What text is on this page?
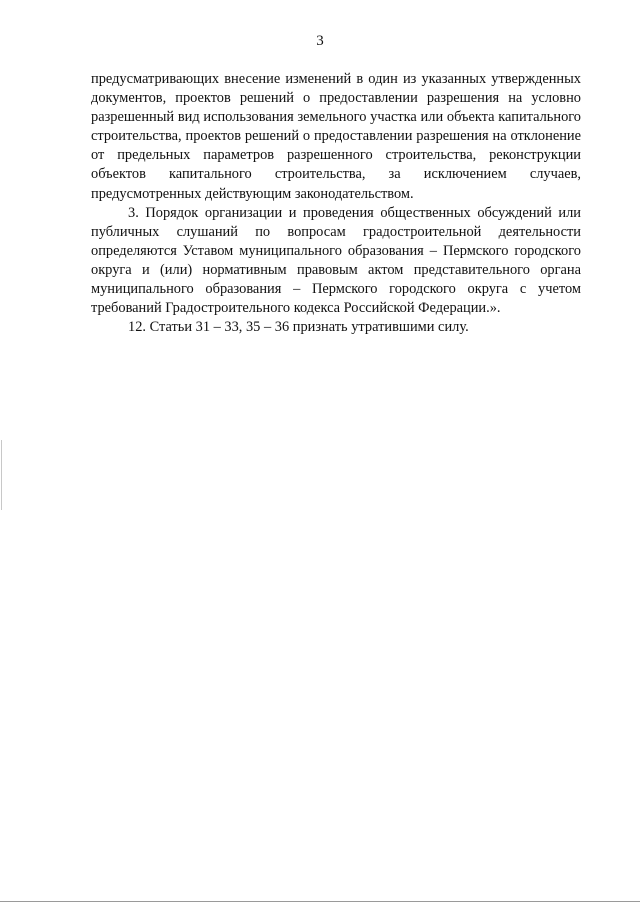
3

предусматривающих внесение изменений в один из указанных утвержденных документов, проектов решений о предоставлении разрешения на условно разрешенный вид использования земельного участка или объекта капитального строительства, проектов решений о предоставлении разрешения на отклонение от предельных параметров разрешенного строительства, реконструкции объектов капитального строительства, за исключением случаев, предусмотренных действующим законодательством.

3. Порядок организации и проведения общественных обсуждений или публичных слушаний по вопросам градостроительной деятельности определяются Уставом муниципального образования – Пермского городского округа и (или) нормативным правовым актом представительного органа муниципального образования – Пермского городского округа с учетом требований Градостроительного кодекса Российской Федерации.».

12. Статьи 31 – 33, 35 – 36 признать утратившими силу.
